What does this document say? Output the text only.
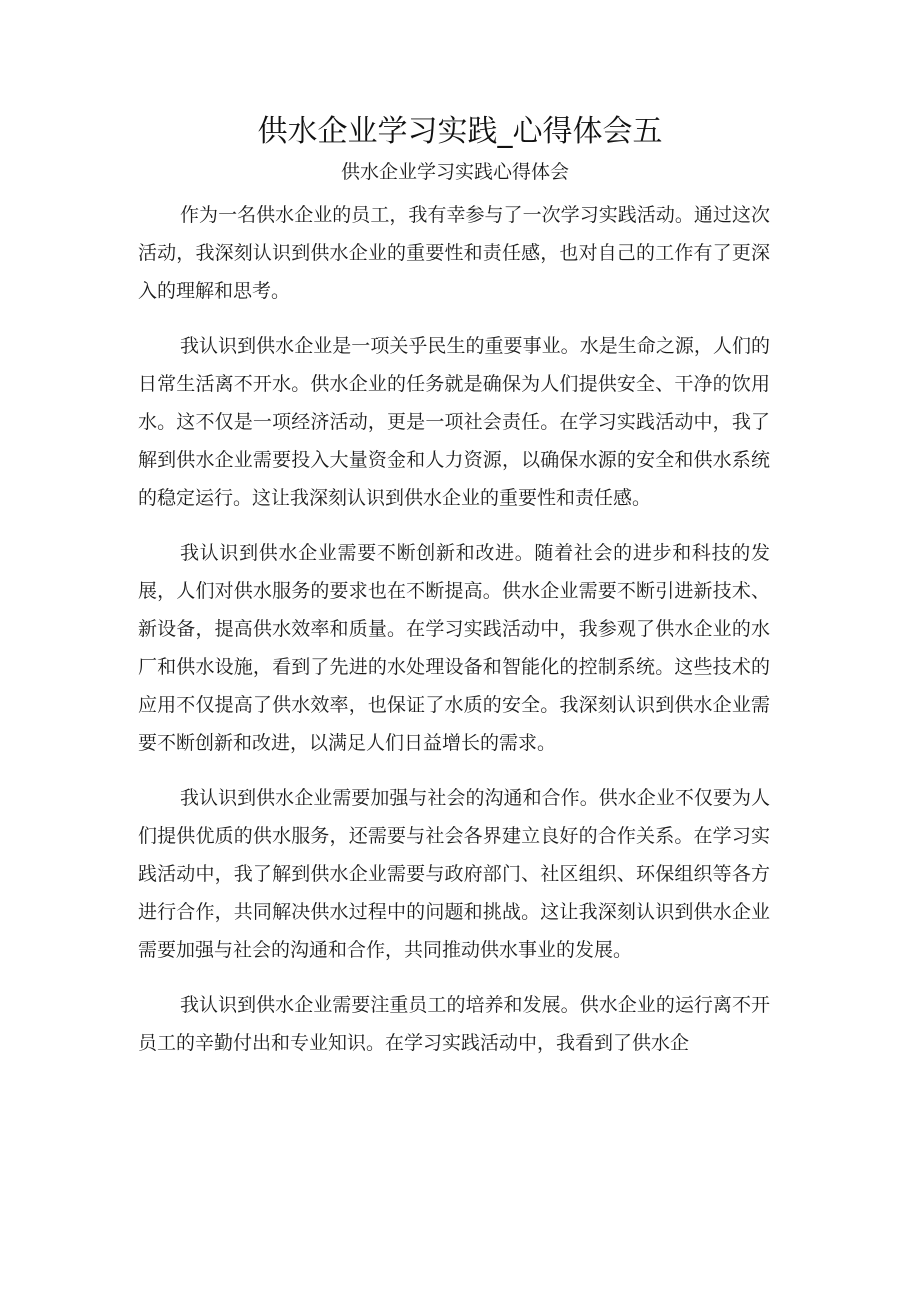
供水企业学习实践_心得体会五
供水企业学习实践心得体会

作为一名供水企业的员工，我有幸参与了一次学习实践活动。通过这次活动，我深刻认识到供水企业的重要性和责任感，也对自己的工作有了更深入的理解和思考。

我认识到供水企业是一项关乎民生的重要事业。水是生命之源，人们的日常生活离不开水。供水企业的任务就是确保为人们提供安全、干净的饮用水。这不仅是一项经济活动，更是一项社会责任。在学习实践活动中，我了解到供水企业需要投入大量资金和人力资源，以确保水源的安全和供水系统的稳定运行。这让我深刻认识到供水企业的重要性和责任感。

我认识到供水企业需要不断创新和改进。随着社会的进步和科技的发展，人们对供水服务的要求也在不断提高。供水企业需要不断引进新技术、新设备，提高供水效率和质量。在学习实践活动中，我参观了供水企业的水厂和供水设施，看到了先进的水处理设备和智能化的控制系统。这些技术的应用不仅提高了供水效率，也保证了水质的安全。我深刻认识到供水企业需要不断创新和改进，以满足人们日益增长的需求。

我认识到供水企业需要加强与社会的沟通和合作。供水企业不仅要为人们提供优质的供水服务，还需要与社会各界建立良好的合作关系。在学习实践活动中，我了解到供水企业需要与政府部门、社区组织、环保组织等各方进行合作，共同解决供水过程中的问题和挑战。这让我深刻认识到供水企业需要加强与社会的沟通和合作，共同推动供水事业的发展。

我认识到供水企业需要注重员工的培养和发展。供水企业的运行离不开员工的辛勤付出和专业知识。在学习实践活动中，我看到了供水企
